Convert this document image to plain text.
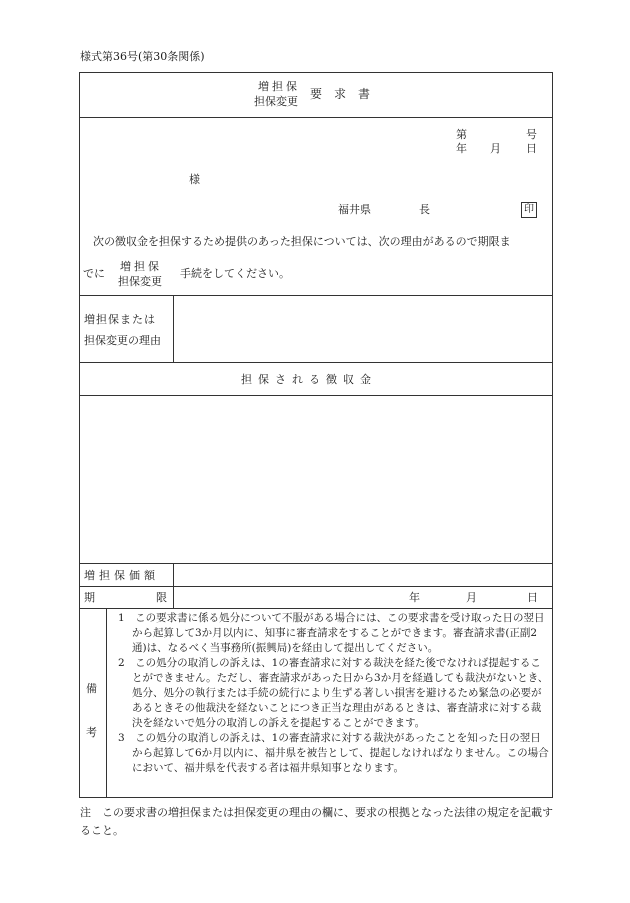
様式第36号(第30条関係)
増担保
担保変更
要　求　書
第	号
年 月 日
様
福井県	長	印
次の徴収金を担保するため提供のあった担保については、次の理由があるので期限ま
でに
増担保
担保変更
手続をしてください。
増担保または
担保変更の理由
担保される徴収金
増担保価額
期	限	年	月	日
備
考

1　この要求書に係る処分について不服がある場合には、この要求書を受け取った日の翌日から起算して3か月以内に、知事に審査請求をすることができます。審査請求書(正副2通)は、なるべく当事務所(振興局)を経由して提出してください。

2　この処分の取消しの訴えは、1の審査請求に対する裁決を経た後でなければ提起することができません。ただし、審査請求があった日から3か月を経過しても裁決がないとき、処分、処分の執行または手続の続行により生ずる著しい損害を避けるため緊急の必要があるときその他裁決を経ないことにつき正当な理由があるときは、審査請求に対する裁決を経ないで処分の取消しの訴えを提起することができます。

3　この処分の取消しの訴えは、1の審査請求に対する裁決があったことを知った日の翌日から起算して6か月以内に、福井県を被告として、提起しなければなりません。この場合において、福井県を代表する者は福井県知事となります。

注　この要求書の増担保または担保変更の理由の欄に、要求の根拠となった法律の規定を記載すること。
